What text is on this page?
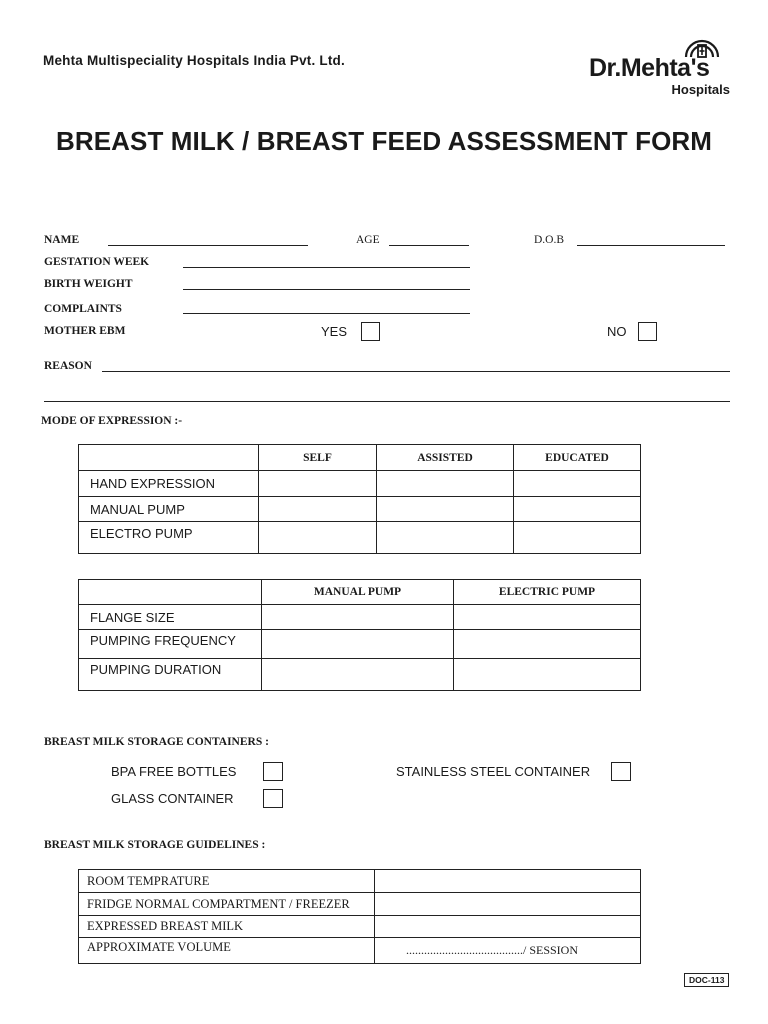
Mehta Multispeciality Hospitals India Pvt. Ltd.	Dr.Mehta's
Hospitals
BREAST MILK / BREAST FEED ASSESSMENT FORM
NAME	AGE	D.O.B
GESTATION WEEK
BIRTH WEIGHT
COMPLAINTS
MOTHER EBM	YES	NO
REASON
MODE OF EXPRESSION :-
	SELF	ASSISTED	EDUCATED
HAND EXPRESSION			
MANUAL PUMP			
ELECTRO PUMP			
	MANUAL PUMP	ELECTRIC PUMP
FLANGE SIZE		
PUMPING FREQUENCY		
PUMPING DURATION		
BREAST MILK STORAGE CONTAINERS :
BPA FREE BOTTLES	STAINLESS STEEL CONTAINER
GLASS CONTAINER
BREAST MILK STORAGE GUIDELINES :
ROOM TEMPRATURE	
FRIDGE NORMAL COMPARTMENT / FREEZER	
EXPRESSED BREAST MILK	
APPROXIMATE VOLUME	......................................./ SESSION
DOC-113
